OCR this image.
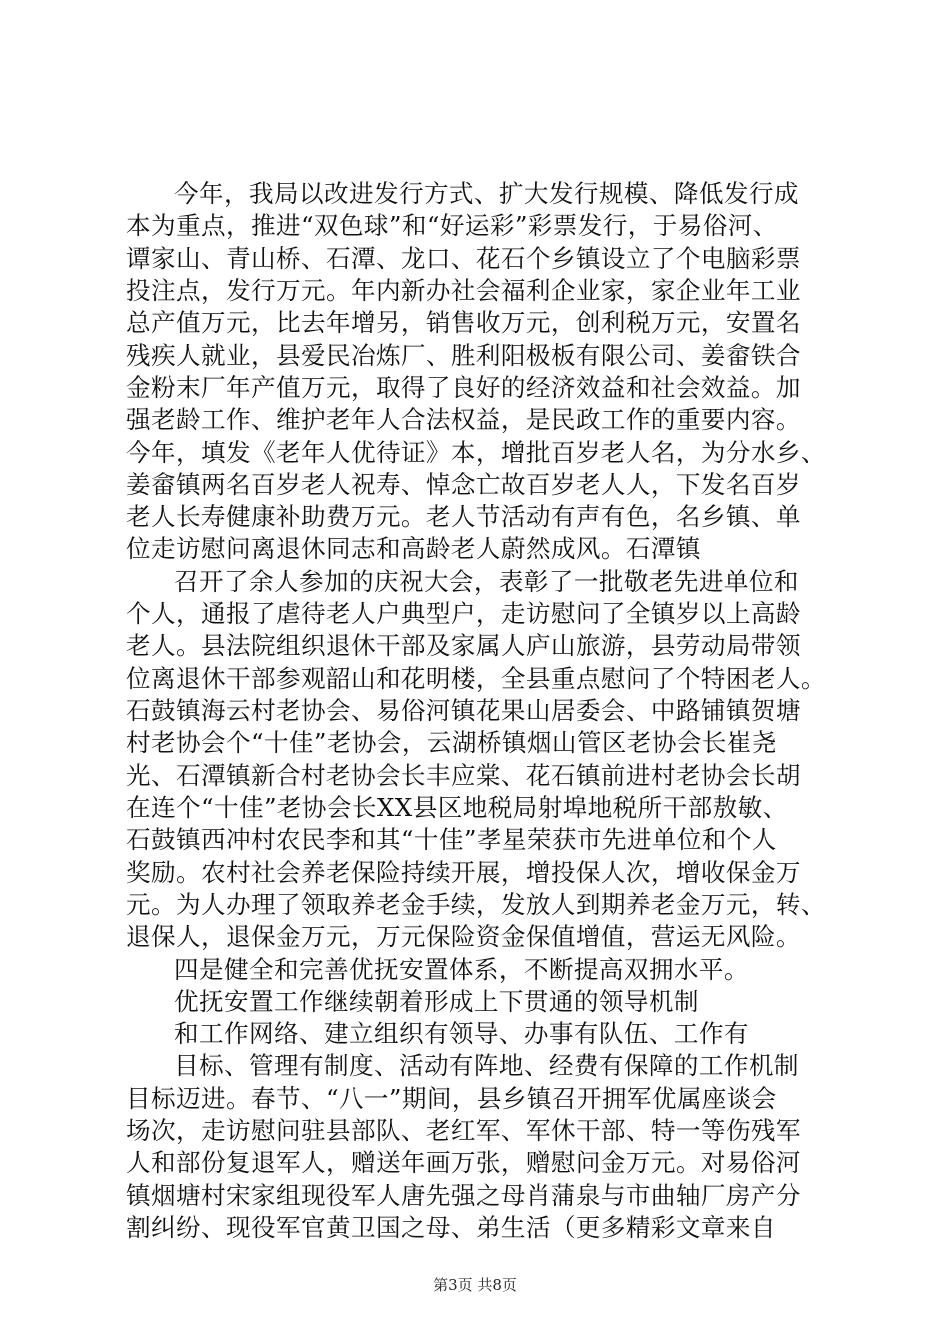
今年，我局以改进发行方式、扩大发行规模、降低发行成
本为重点，推进“双色球”和“好运彩”彩票发行，于易俗河、
谭家山、青山桥、石潭、龙口、花石个乡镇设立了个电脑彩票
投注点，发行万元。年内新办社会福利企业家，家企业年工业
总产值万元，比去年增另，销售收万元，创利税万元，安置名
残疾人就业，县爱民冶炼厂、胜利阳极板有限公司、姜畲铁合
金粉末厂年产值万元，取得了良好的经济效益和社会效益。加
强老龄工作、维护老年人合法权益，是民政工作的重要内容。
今年，填发《老年人优待证》本，增批百岁老人名，为分水乡、
姜畲镇两名百岁老人祝寿、悼念亡故百岁老人人，下发名百岁
老人长寿健康补助费万元。老人节活动有声有色，名乡镇、单
位走访慰问离退休同志和高龄老人蔚然成风。石潭镇
召开了余人参加的庆祝大会，表彰了一批敬老先进单位和
个人，通报了虐待老人户典型户，走访慰问了全镇岁以上高龄
老人。县法院组织退休干部及家属人庐山旅游，县劳动局带领
位离退休干部参观韶山和花明楼，全县重点慰问了个特困老人。
石鼓镇海云村老协会、易俗河镇花果山居委会、中路铺镇贺塘
村老协会个“十佳”老协会，云湖桥镇烟山管区老协会长崔尧
光、石潭镇新合村老协会长丰应棠、花石镇前进村老协会长胡
在连个“十佳”老协会长XX县区地税局射埠地税所干部敖敏、
石鼓镇西冲村农民李和其“十佳”孝星荣获市先进单位和个人
奖励。农村社会养老保险持续开展，增投保人次，增收保金万
元。为人办理了领取养老金手续，发放人到期养老金万元，转、
退保人，退保金万元，万元保险资金保值增值，营运无风险。
四是健全和完善优抚安置体系，不断提高双拥水平。
优抚安置工作继续朝着形成上下贯通的领导机制
和工作网络、建立组织有领导、办事有队伍、工作有
目标、管理有制度、活动有阵地、经费有保障的工作机制
目标迈进。春节、“八一”期间，县乡镇召开拥军优属座谈会
场次，走访慰问驻县部队、老红军、军休干部、特一等伤残军
人和部份复退军人，赠送年画万张，赠慰问金万元。对易俗河
镇烟塘村宋家组现役军人唐先强之母肖蒲泉与市曲轴厂房产分
割纠纷、现役军官黄卫国之母、弟生活（更多精彩文章来自
第3页 共8页
